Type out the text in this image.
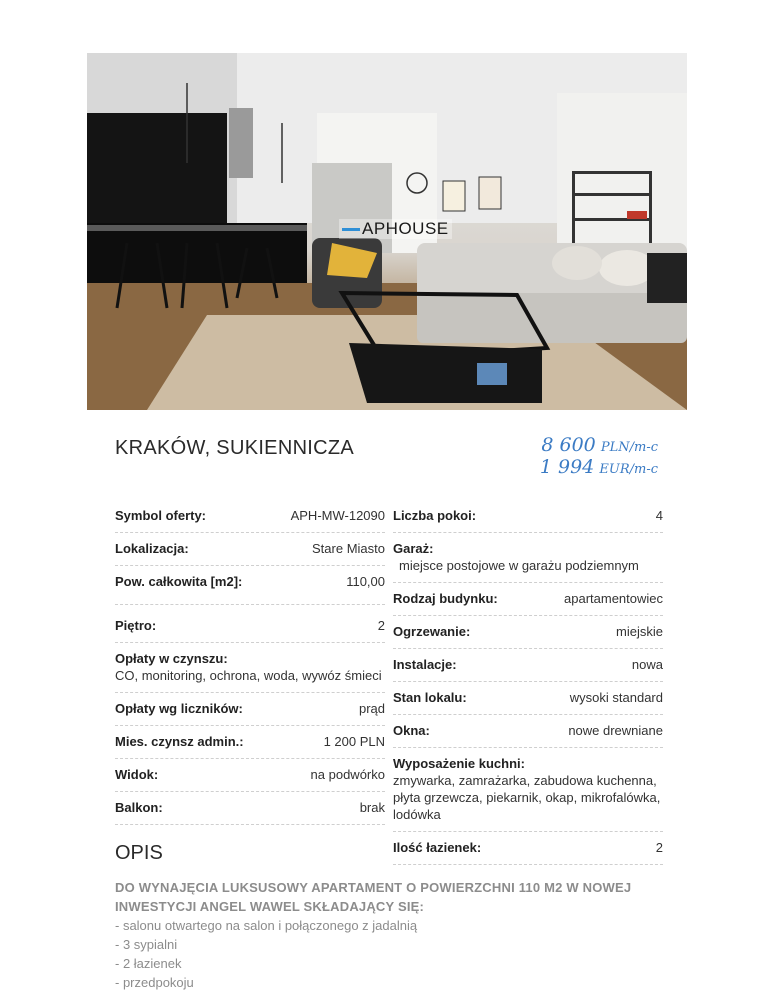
APHOUSE
KRAKÓW, SUKIENNICZA	8 600 PLN/m-c
1 994 EUR/m-c
Symbol oferty:	APH-MW-12090
Lokalizacja:	Stare Miasto
Pow. całkowita [m2]:	110,00
Piętro:	2
Opłaty w czynszu:
CO, monitoring, ochrona, woda, wywóz śmieci
Opłaty wg liczników:	prąd
Mies. czynsz admin.:	1 200 PLN
Widok:	na podwórko
Balkon:	brak
Liczba pokoi:	4
Garaż:
miejsce postojowe w garażu podziemnym
Rodzaj budynku:	apartamentowiec
Ogrzewanie:	miejskie
Instalacje:	nowa
Stan lokalu:	wysoki standard
Okna:	nowe drewniane
Wyposażenie kuchni:
zmywarka, zamrażarka, zabudowa kuchenna, płyta grzewcza, piekarnik, okap, mikrofalówka, lodówka
Ilość łazienek:	2
OPIS
DO WYNAJĘCIA LUKSUSOWY APARTAMENT O POWIERZCHNI 110 M2 W NOWEJ INWESTYCJI ANGEL WAWEL SKŁADAJĄCY SIĘ:
- salonu otwartego na salon i połączonego z jadalnią
- 3 sypialni
- 2 łazienek
- przedpokoju
